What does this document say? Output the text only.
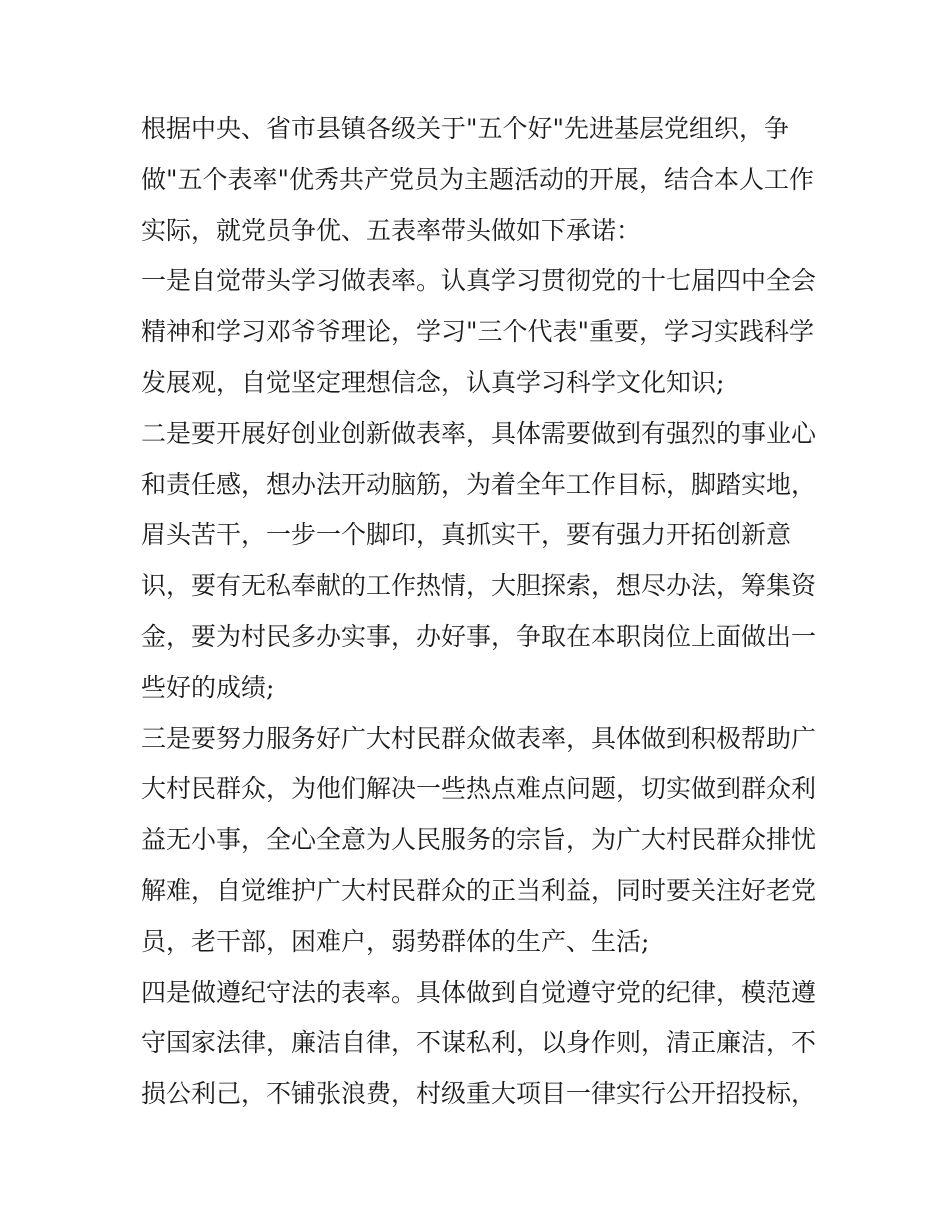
根据中央、省市县镇各级关于"五个好"先进基层党组织，争
做"五个表率"优秀共产党员为主题活动的开展，结合本人工作
实际，就党员争优、五表率带头做如下承诺：
一是自觉带头学习做表率。认真学习贯彻党的十七届四中全会
精神和学习邓爷爷理论，学习"三个代表"重要，学习实践科学
发展观，自觉坚定理想信念，认真学习科学文化知识;
二是要开展好创业创新做表率，具体需要做到有强烈的事业心
和责任感，想办法开动脑筋，为着全年工作目标，脚踏实地，
眉头苦干，一步一个脚印，真抓实干，要有强力开拓创新意
识，要有无私奉献的工作热情，大胆探索，想尽办法，筹集资
金，要为村民多办实事，办好事，争取在本职岗位上面做出一
些好的成绩;
三是要努力服务好广大村民群众做表率，具体做到积极帮助广
大村民群众，为他们解决一些热点难点问题，切实做到群众利
益无小事，全心全意为人民服务的宗旨，为广大村民群众排忧
解难，自觉维护广大村民群众的正当利益，同时要关注好老党
员，老干部，困难户，弱势群体的生产、生活;
四是做遵纪守法的表率。具体做到自觉遵守党的纪律，模范遵
守国家法律，廉洁自律，不谋私利，以身作则，清正廉洁，不
损公利己，不铺张浪费，村级重大项目一律实行公开招投标，
